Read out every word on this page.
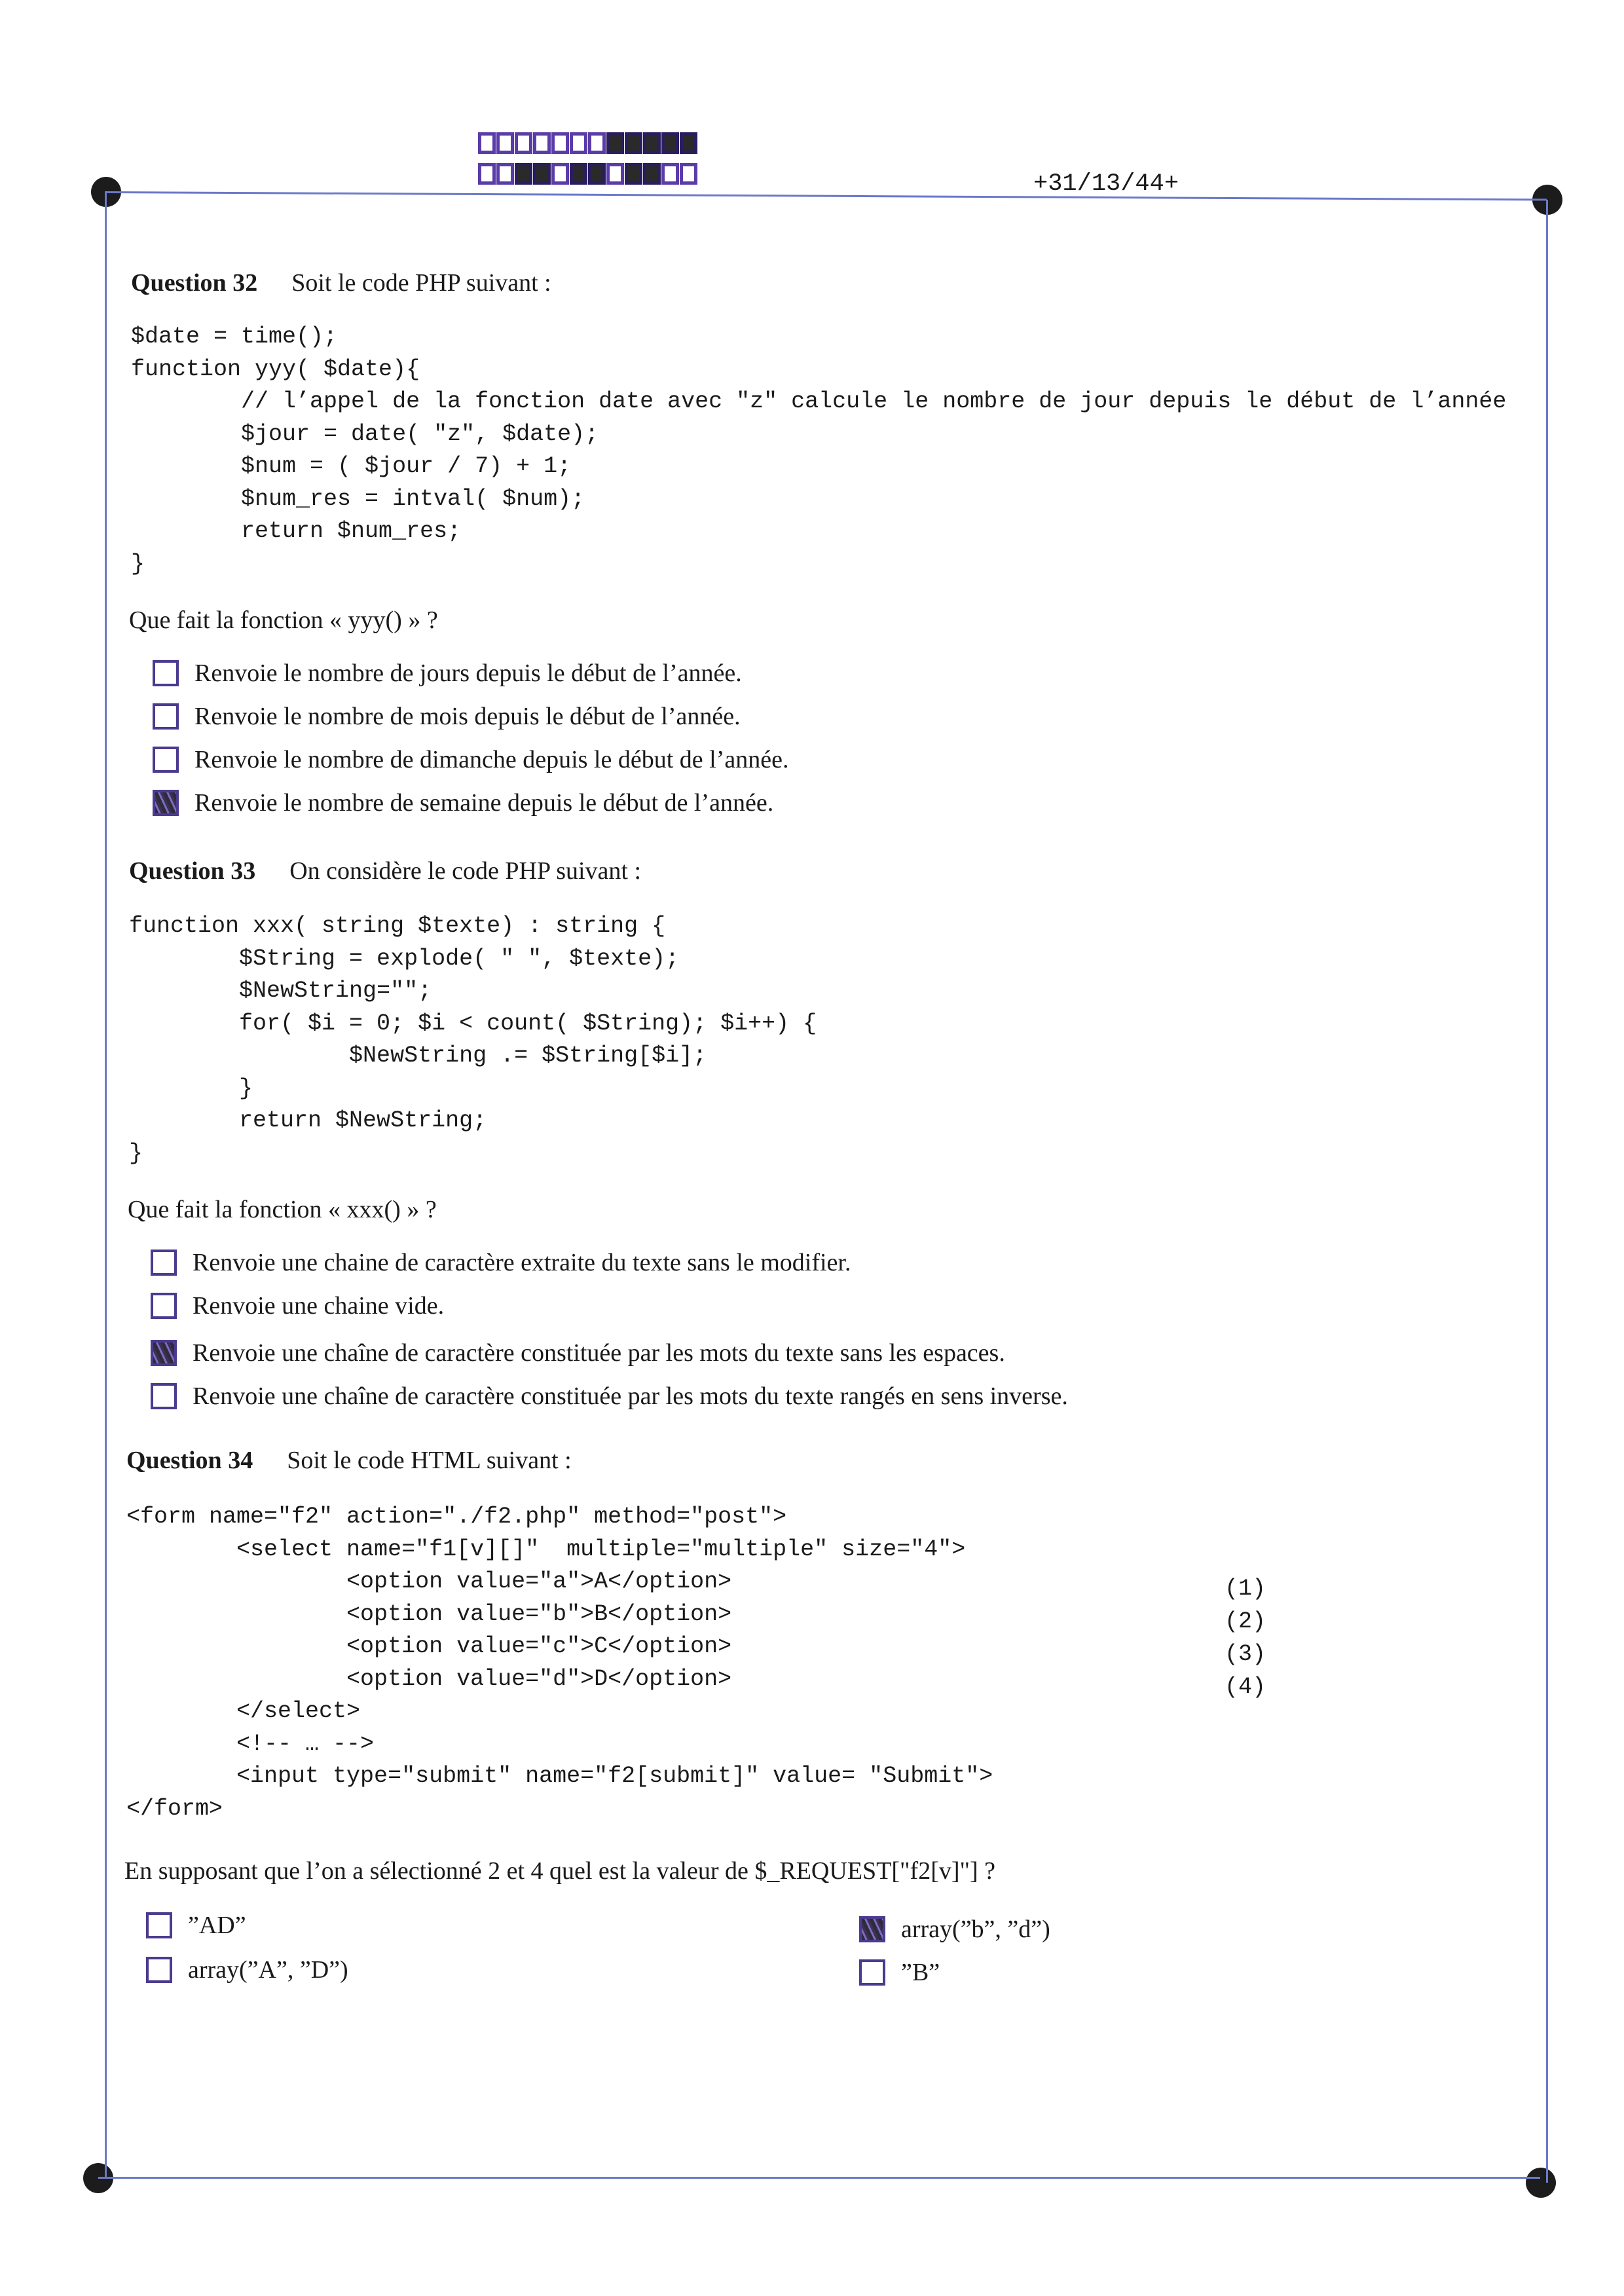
+31/13/44+
Question 32 Soit le code PHP suivant :
$date = time();
function yyy( $date){
// l’appel de la fonction date avec "z" calcule le nombre de jour depuis le début de l’année
$jour = date( "z", $date);
$num = ( $jour / 7) + 1;
$num_res = intval( $num);
return $num_res;
}
Que fait la fonction « yyy() » ?
Renvoie le nombre de jours depuis le début de l’année.
Renvoie le nombre de mois depuis le début de l’année.
Renvoie le nombre de dimanche depuis le début de l’année.
Renvoie le nombre de semaine depuis le début de l’année.
Question 33 On considère le code PHP suivant :
function xxx( string $texte) : string {
$String = explode( " ", $texte);
$NewString="";
for( $i = 0; $i < count( $String); $i++) {
$NewString .= $String[$i];
}
return $NewString;
}
Que fait la fonction « xxx() » ?
Renvoie une chaine de caractère extraite du texte sans le modifier.
Renvoie une chaine vide.
Renvoie une chaîne de caractère constituée par les mots du texte sans les espaces.
Renvoie une chaîne de caractère constituée par les mots du texte rangés en sens inverse.
Question 34 Soit le code HTML suivant :
<form name="f2" action="./f2.php" method="post">
<select name="f1[v][]"  multiple="multiple" size="4">
<option value="a">A</option>
<option value="b">B</option>
<option value="c">C</option>
<option value="d">D</option>
</select>
<!-- … -->
<input type="submit" name="f2[submit]" value= "Submit">
</form>
(1)
(2)
(3)
(4)
En supposant que l’on a sélectionné 2 et 4 quel est la valeur de $_REQUEST["f2[v]"] ?
”AD”
array(”A”, ”D”)
array(”b”, ”d”)
”B”
